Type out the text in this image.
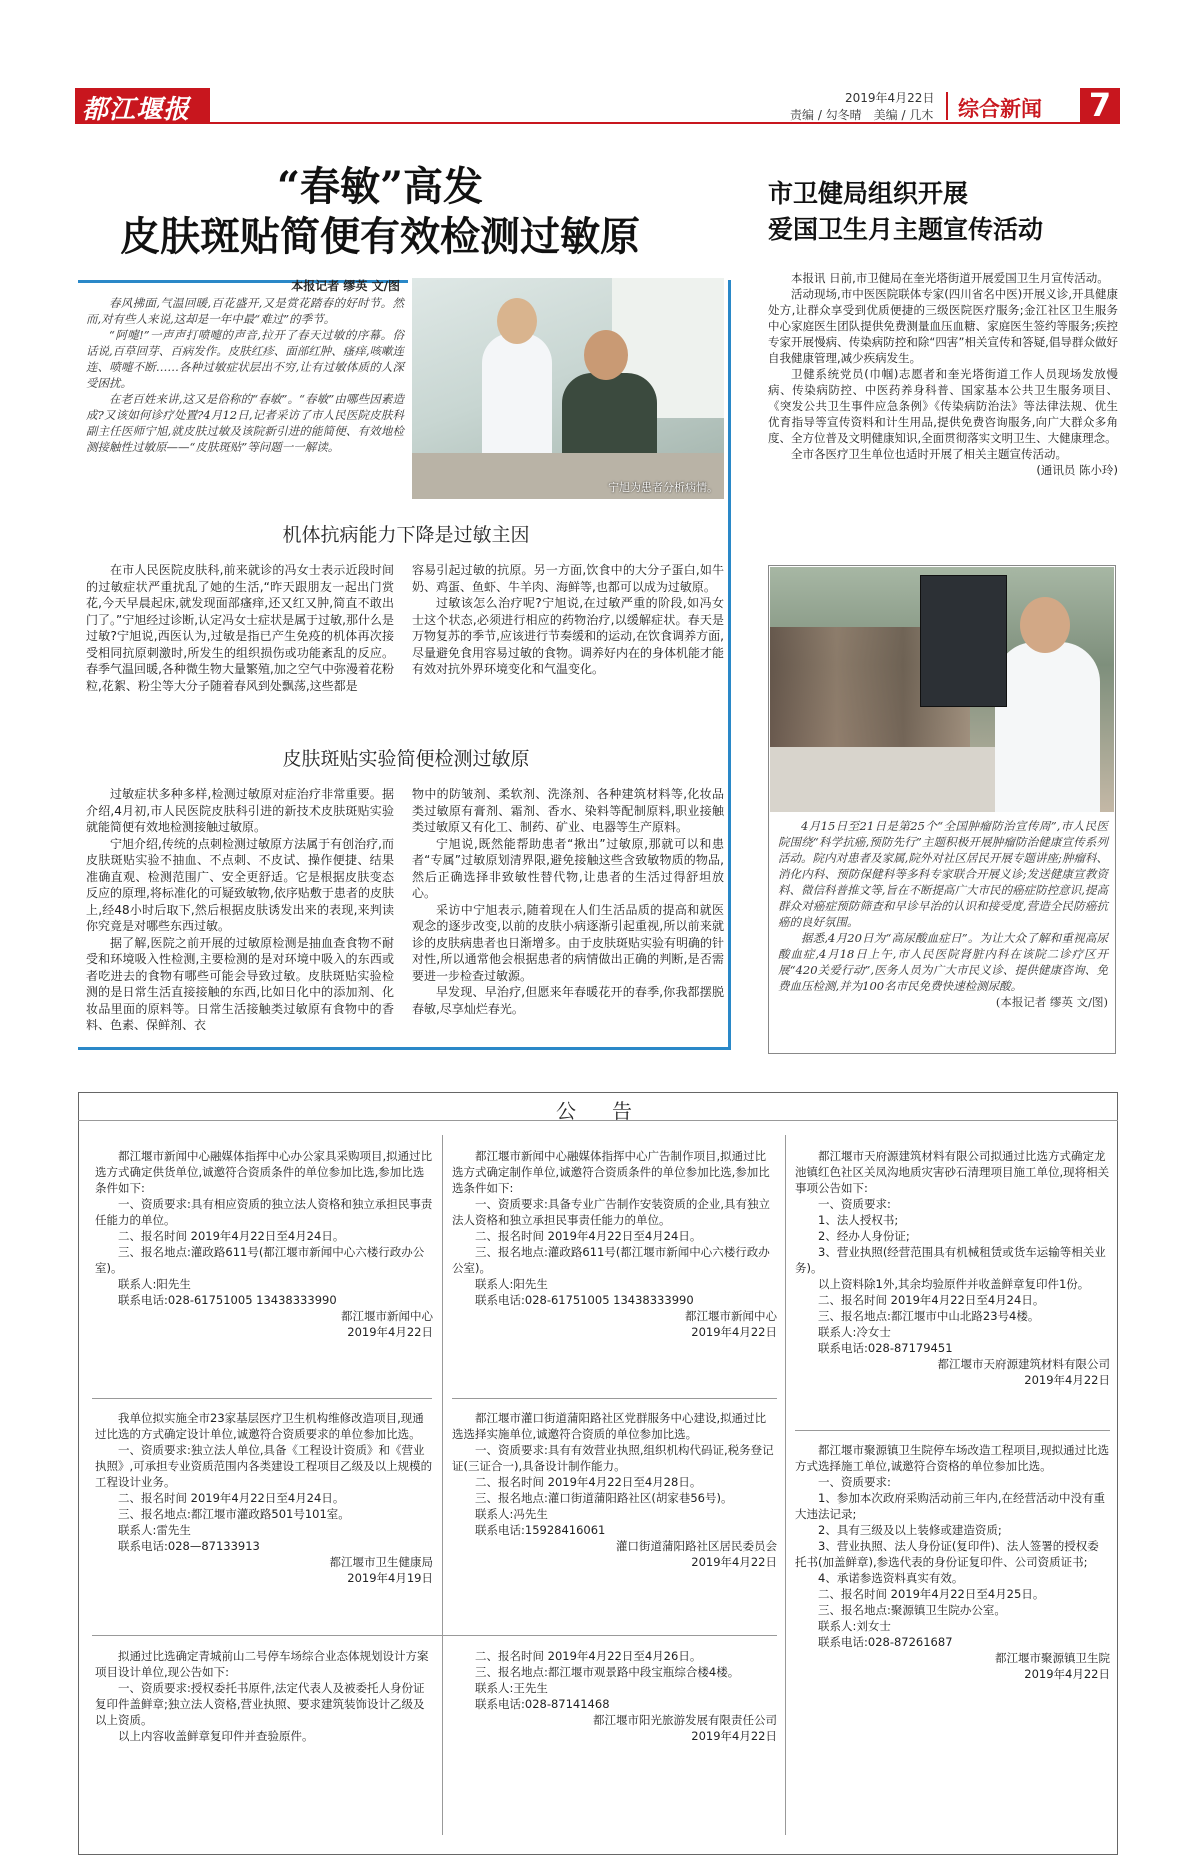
都江堰报	2019年4月22日
责编 / 勾冬晴　美编 / 几木 综合新闻 7
“春敏”高发
皮肤斑贴简便有效检测过敏原
本报记者 缪英 文/图

春风拂面,气温回暖,百花盛开,又是赏花踏春的好时节。然而,对有些人来说,这却是一年中最“难过”的季节。

“阿嚏!”一声声打喷嚏的声音,拉开了春天过敏的序幕。俗话说,百草回芽、百病发作。皮肤红疹、面部红肿、瘙痒,咳嗽连连、喷嚏不断……各种过敏症状层出不穷,让有过敏体质的人深受困扰。

在老百姓来讲,这又是俗称的“春敏”。“春敏”由哪些因素造成?又该如何诊疗处置?4月12日,记者采访了市人民医院皮肤科副主任医师宁旭,就皮肤过敏及该院新引进的能简便、有效地检测接触性过敏原——“皮肤斑贴”等问题一一解读。

宁旭为患者分析病情。
机体抗病能力下降是过敏主因

在市人民医院皮肤科,前来就诊的冯女士表示近段时间的过敏症状严重扰乱了她的生活,“昨天跟朋友一起出门赏花,今天早晨起床,就发现面部瘙痒,还又红又肿,简直不敢出门了。”宁旭经过诊断,认定冯女士症状是属于过敏,那什么是过敏?宁旭说,西医认为,过敏是指已产生免疫的机体再次接受相同抗原刺激时,所发生的组织损伤或功能紊乱的反应。春季气温回暖,各种微生物大量繁殖,加之空气中弥漫着花粉粒,花絮、粉尘等大分子随着春风到处飘荡,这些都是

容易引起过敏的抗原。另一方面,饮食中的大分子蛋白,如牛奶、鸡蛋、鱼虾、牛羊肉、海鲜等,也都可以成为过敏原。

过敏该怎么治疗呢?宁旭说,在过敏严重的阶段,如冯女士这个状态,必须进行相应的药物治疗,以缓解症状。春天是万物复苏的季节,应该进行节奏缓和的运动,在饮食调养方面,尽量避免食用容易过敏的食物。调养好内在的身体机能才能有效对抗外界环境变化和气温变化。

皮肤斑贴实验简便检测过敏原

过敏症状多种多样,检测过敏原对症治疗非常重要。据介绍,4月初,市人民医院皮肤科引进的新技术皮肤斑贴实验就能简便有效地检测接触过敏原。

宁旭介绍,传统的点刺检测过敏原方法属于有创治疗,而皮肤斑贴实验不抽血、不点刺、不皮试、操作便捷、结果准确直观、检测范围广、安全更舒适。它是根据皮肤变态反应的原理,将标准化的可疑致敏物,依序贴敷于患者的皮肤上,经48小时后取下,然后根据皮肤诱发出来的表现,来判读你究竟是对哪些东西过敏。

据了解,医院之前开展的过敏原检测是抽血查食物不耐受和环境吸入性检测,主要检测的是对环境中吸入的东西或者吃进去的食物有哪些可能会导致过敏。皮肤斑贴实验检测的是日常生活直接接触的东西,比如日化中的添加剂、化妆品里面的原料等。日常生活接触类过敏原有食物中的香料、色素、保鲜剂、衣

物中的防皱剂、柔软剂、洗涤剂、各种建筑材料等,化妆品类过敏原有膏剂、霜剂、香水、染料等配制原料,职业接触类过敏原又有化工、制药、矿业、电器等生产原料。

宁旭说,既然能帮助患者“揪出”过敏原,那就可以和患者“专属”过敏原划清界限,避免接触这些含致敏物质的物品,然后正确选择非致敏性替代物,让患者的生活过得舒坦放心。

采访中宁旭表示,随着现在人们生活品质的提高和就医观念的逐步改变,以前的皮肤小病逐渐引起重视,所以前来就诊的皮肤病患者也日渐增多。由于皮肤斑贴实验有明确的针对性,所以通常他会根据患者的病情做出正确的判断,是否需要进一步检查过敏源。

早发现、早治疗,但愿来年春暖花开的春季,你我都摆脱春敏,尽享灿烂春光。

市卫健局组织开展
爱国卫生月主题宣传活动

本报讯 日前,市卫健局在奎光塔街道开展爱国卫生月宣传活动。

活动现场,市中医医院联体专家(四川省名中医)开展义诊,开具健康处方,让群众享受到优质便捷的三级医院医疗服务;金江社区卫生服务中心家庭医生团队提供免费测量血压血糖、家庭医生签约等服务;疾控专家开展慢病、传染病防控和除“四害”相关宣传和答疑,倡导群众做好自我健康管理,减少疾病发生。

卫健系统党员(巾帼)志愿者和奎光塔街道工作人员现场发放慢病、传染病防控、中医药养身科普、国家基本公共卫生服务项目、《突发公共卫生事件应急条例》《传染病防治法》等法律法规、优生优育指导等宣传资料和计生用品,提供免费咨询服务,向广大群众多角度、全方位普及文明健康知识,全面贯彻落实文明卫生、大健康理念。

全市各医疗卫生单位也适时开展了相关主题宣传活动。

(通讯员 陈小玲)

4月15日至21日是第25个“全国肿瘤防治宣传周”,市人民医院围绕“科学抗癌,预防先行”主题积极开展肿瘤防治健康宣传系列活动。院内对患者及家属,院外对社区居民开展专题讲座;肿瘤科、消化内科、预防保健科等多科专家联合开展义诊;发送健康宣教资料、微信科普推文等,旨在不断提高广大市民的癌症防控意识,提高群众对癌症预防筛查和早诊早治的认识和接受度,营造全民防癌抗癌的良好氛围。

据悉,4月20日为“高尿酸血症日”。为让大众了解和重视高尿酸血症,4月18日上午,市人民医院肾脏内科在该院二诊疗区开展“420关爱行动”,医务人员为广大市民义诊、提供健康咨询、免费血压检测,并为100名市民免费快速检测尿酸。

(本报记者 缪英 文/图)
公　告

都江堰市新闻中心融媒体指挥中心办公家具采购项目,拟通过比选方式确定供货单位,诚邀符合资质条件的单位参加比选,参加比选条件如下:

一、资质要求:具有相应资质的独立法人资格和独立承担民事责任能力的单位。

二、报名时间 2019年4月22日至4月24日。

三、报名地点:灌政路611号(都江堰市新闻中心六楼行政办公室)。

联系人:阳先生

联系电话:028-61751005 13438333990

都江堰市新闻中心

2019年4月22日

都江堰市新闻中心融媒体指挥中心广告制作项目,拟通过比选方式确定制作单位,诚邀符合资质条件的单位参加比选,参加比选条件如下:

一、资质要求:具备专业广告制作安装资质的企业,具有独立法人资格和独立承担民事责任能力的单位。

二、报名时间 2019年4月22日至4月24日。

三、报名地点:灌政路611号(都江堰市新闻中心六楼行政办公室)。

联系人:阳先生

联系电话:028-61751005 13438333990

都江堰市新闻中心

2019年4月22日

都江堰市天府源建筑材料有限公司拟通过比选方式确定龙池镇红色社区关凤沟地质灾害砂石清理项目施工单位,现将相关事项公告如下:

一、资质要求:

1、法人授权书;

2、经办人身份证;

3、营业执照(经营范围具有机械租赁或货车运输等相关业务)。

以上资料除1外,其余均验原件并收盖鲜章复印件1份。

二、报名时间 2019年4月22日至4月24日。

三、报名地点:都江堰市中山北路23号4楼。

联系人:冷女士

联系电话:028-87179451

都江堰市天府源建筑材料有限公司

2019年4月22日

我单位拟实施全市23家基层医疗卫生机构维修改造项目,现通过比选的方式确定设计单位,诚邀符合资质要求的单位参加比选。

一、资质要求:独立法人单位,具备《工程设计资质》和《营业执照》,可承担专业资质范围内各类建设工程项目乙级及以上规模的工程设计业务。

二、报名时间 2019年4月22日至4月24日。

三、报名地点:都江堰市灌政路501号101室。

联系人:雷先生

联系电话:028—87133913

都江堰市卫生健康局

2019年4月19日

都江堰市灌口街道蒲阳路社区党群服务中心建设,拟通过比选选择实施单位,诚邀符合资质的单位参加比选。

一、资质要求:具有有效营业执照,组织机构代码证,税务登记证(三证合一),具备设计制作能力。

二、报名时间 2019年4月22日至4月28日。

三、报名地点:灌口街道蒲阳路社区(胡家巷56号)。

联系人:冯先生

联系电话:15928416061

灌口街道蒲阳路社区居民委员会

2019年4月22日

都江堰市聚源镇卫生院停车场改造工程项目,现拟通过比选方式选择施工单位,诚邀符合资格的单位参加比选。

一、资质要求:

1、参加本次政府采购活动前三年内,在经营活动中没有重大违法记录;

2、具有三级及以上装修或建造资质;

3、营业执照、法人身份证(复印件)、法人签署的授权委托书(加盖鲜章),参选代表的身份证复印件、公司资质证书;

4、承诺参选资料真实有效。

二、报名时间 2019年4月22日至4月25日。

三、报名地点:聚源镇卫生院办公室。

联系人:刘女士

联系电话:028-87261687

都江堰市聚源镇卫生院

2019年4月22日

拟通过比选确定青城前山二号停车场综合业态体规划设计方案项目设计单位,现公告如下:

一、资质要求:授权委托书原件,法定代表人及被委托人身份证复印件盖鲜章;独立法人资格,营业执照、要求建筑装饰设计乙级及以上资质。

以上内容收盖鲜章复印件并查验原件。

二、报名时间 2019年4月22日至4月26日。

三、报名地点:都江堰市观景路中段宝瓶综合楼4楼。

联系人:王先生

联系电话:028-87141468

都江堰市阳光旅游发展有限责任公司

2019年4月22日
